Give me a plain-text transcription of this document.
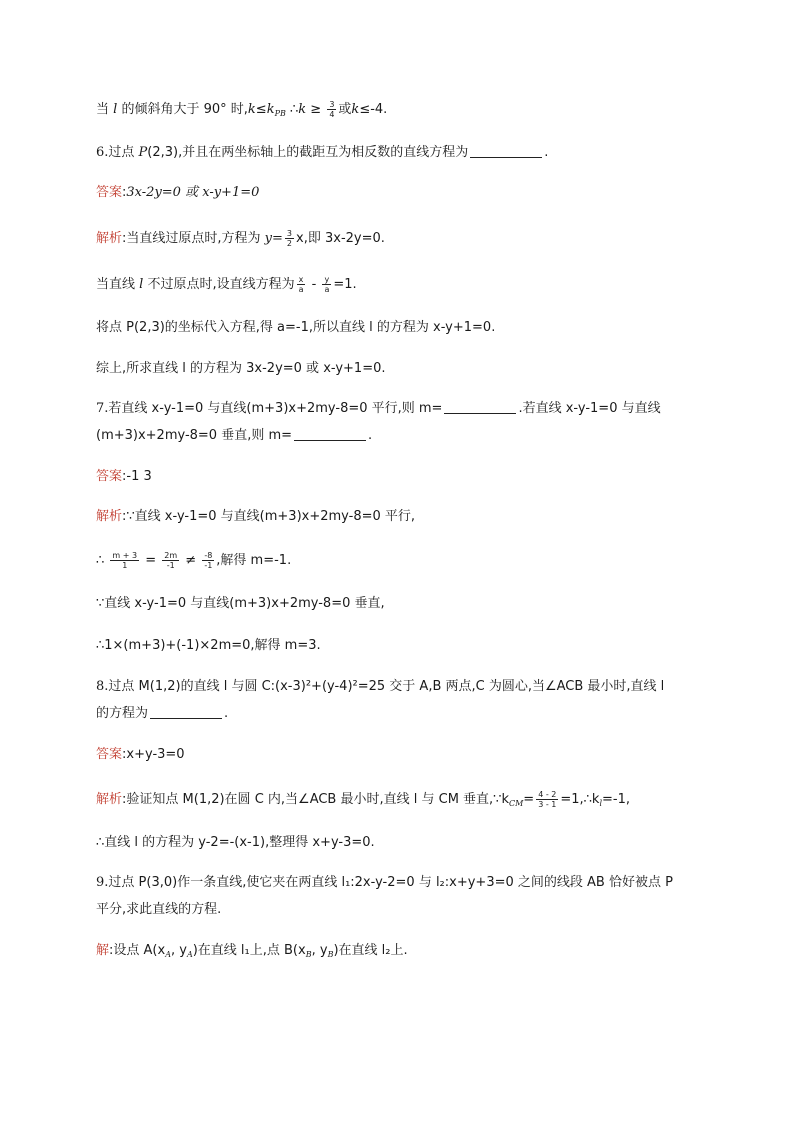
当 l 的倾斜角大于 90° 时$,k\le k_{PB}$ ∴k ≥ $\frac{3}{4}$ 或k≤-4.
6.过点 P(2,3),并且在两坐标轴上的截距互为相反数的直线方程为	.
答案:3x-2y=0 或 x-y+1=0
解析:当直线过原点时,方程为 $y= \frac{3}{2} x$,即 3x-2y=0.
当直线 l 不过原点时,设直线方程为 $\frac{x}{a} - \frac{y}{a} =1$.
将点 P(2,3)的坐标代入方程,得 a=-1,所以直线 l 的方程为 x-y+1=0.
综上,所求直线 l 的方程为 3x-2y=0 或 x-y+1=0.
7.若直线 x-y-1=0 与直线(m+3)x+2my-8=0 平行,则 m=	.若直线 x-y-1=0 与直线
(m+3)x+2my-8=0 垂直,则 m=	.
答案:-1 3
解析:∵直线 x-y-1=0 与直线(m+3)x+2my-8=0 平行,
∴ $\frac{m + 3}{1} = \frac{2m}{-1} \ne \frac{-8}{-1}$ ,解得 m=-1.
∵直线 x-y-1=0 与直线(m+3)x+2my-8=0 垂直,
∴1×(m+3)+(-1)×2m=0,解得 m=3.
8.过点 M(1,2)的直线 l 与圆 C:(x-3)²+(y-4)²=25 交于 A,B 两点,C 为圆心,当∠ACB 最小时,直线 l
的方程为	.
答案:x+y-3=0
解析:验证知点 M(1,2)在圆 C 内,当∠ACB 最小时,直线 l 与 CM 垂直$,\because k_{CM}= \frac{4 - 2}{3 - 1}$ $=1,\therefore k_l=-1$,
∴直线 l 的方程为 y-2=-(x-1),整理得 x+y-3=0.
9.过点 P(3,0)作一条直线,使它夹在两直线 l₁:2x-y-2=0 与 l₂:x+y+3=0 之间的线段 AB 恰好被点 P
平分,求此直线的方程.
解:设点 $A(x_A$, $y_A$)在直线 l₁上,点 $B(x_B$, $y_B$)在直线 l₂上.
